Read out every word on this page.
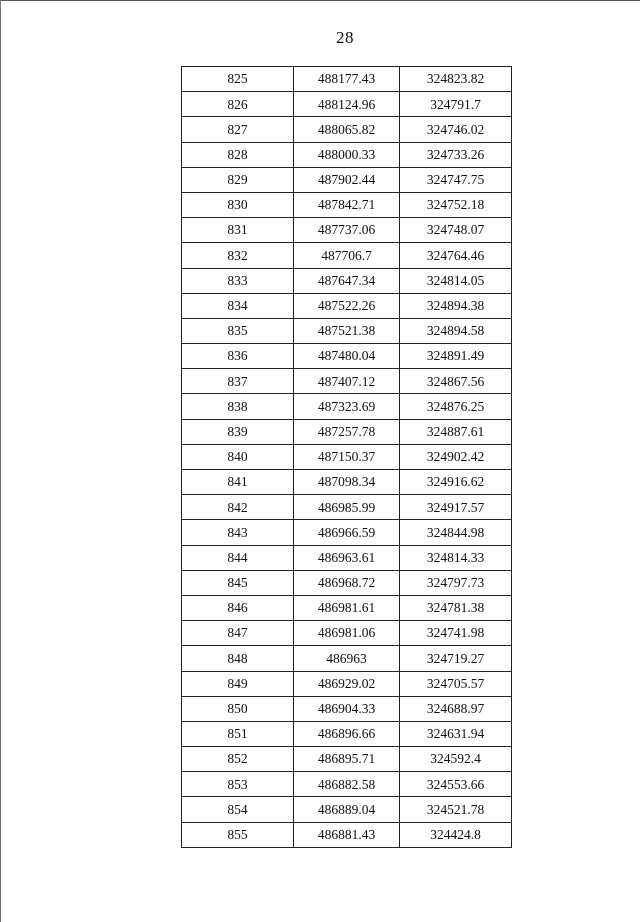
28
825	488177.43	324823.82
826	488124.96	324791.7
827	488065.82	324746.02
828	488000.33	324733.26
829	487902.44	324747.75
830	487842.71	324752.18
831	487737.06	324748.07
832	487706.7	324764.46
833	487647.34	324814.05
834	487522.26	324894.38
835	487521.38	324894.58
836	487480.04	324891.49
837	487407.12	324867.56
838	487323.69	324876.25
839	487257.78	324887.61
840	487150.37	324902.42
841	487098.34	324916.62
842	486985.99	324917.57
843	486966.59	324844.98
844	486963.61	324814.33
845	486968.72	324797.73
846	486981.61	324781.38
847	486981.06	324741.98
848	486963	324719.27
849	486929.02	324705.57
850	486904.33	324688.97
851	486896.66	324631.94
852	486895.71	324592.4
853	486882.58	324553.66
854	486889.04	324521.78
855	486881.43	324424.8
